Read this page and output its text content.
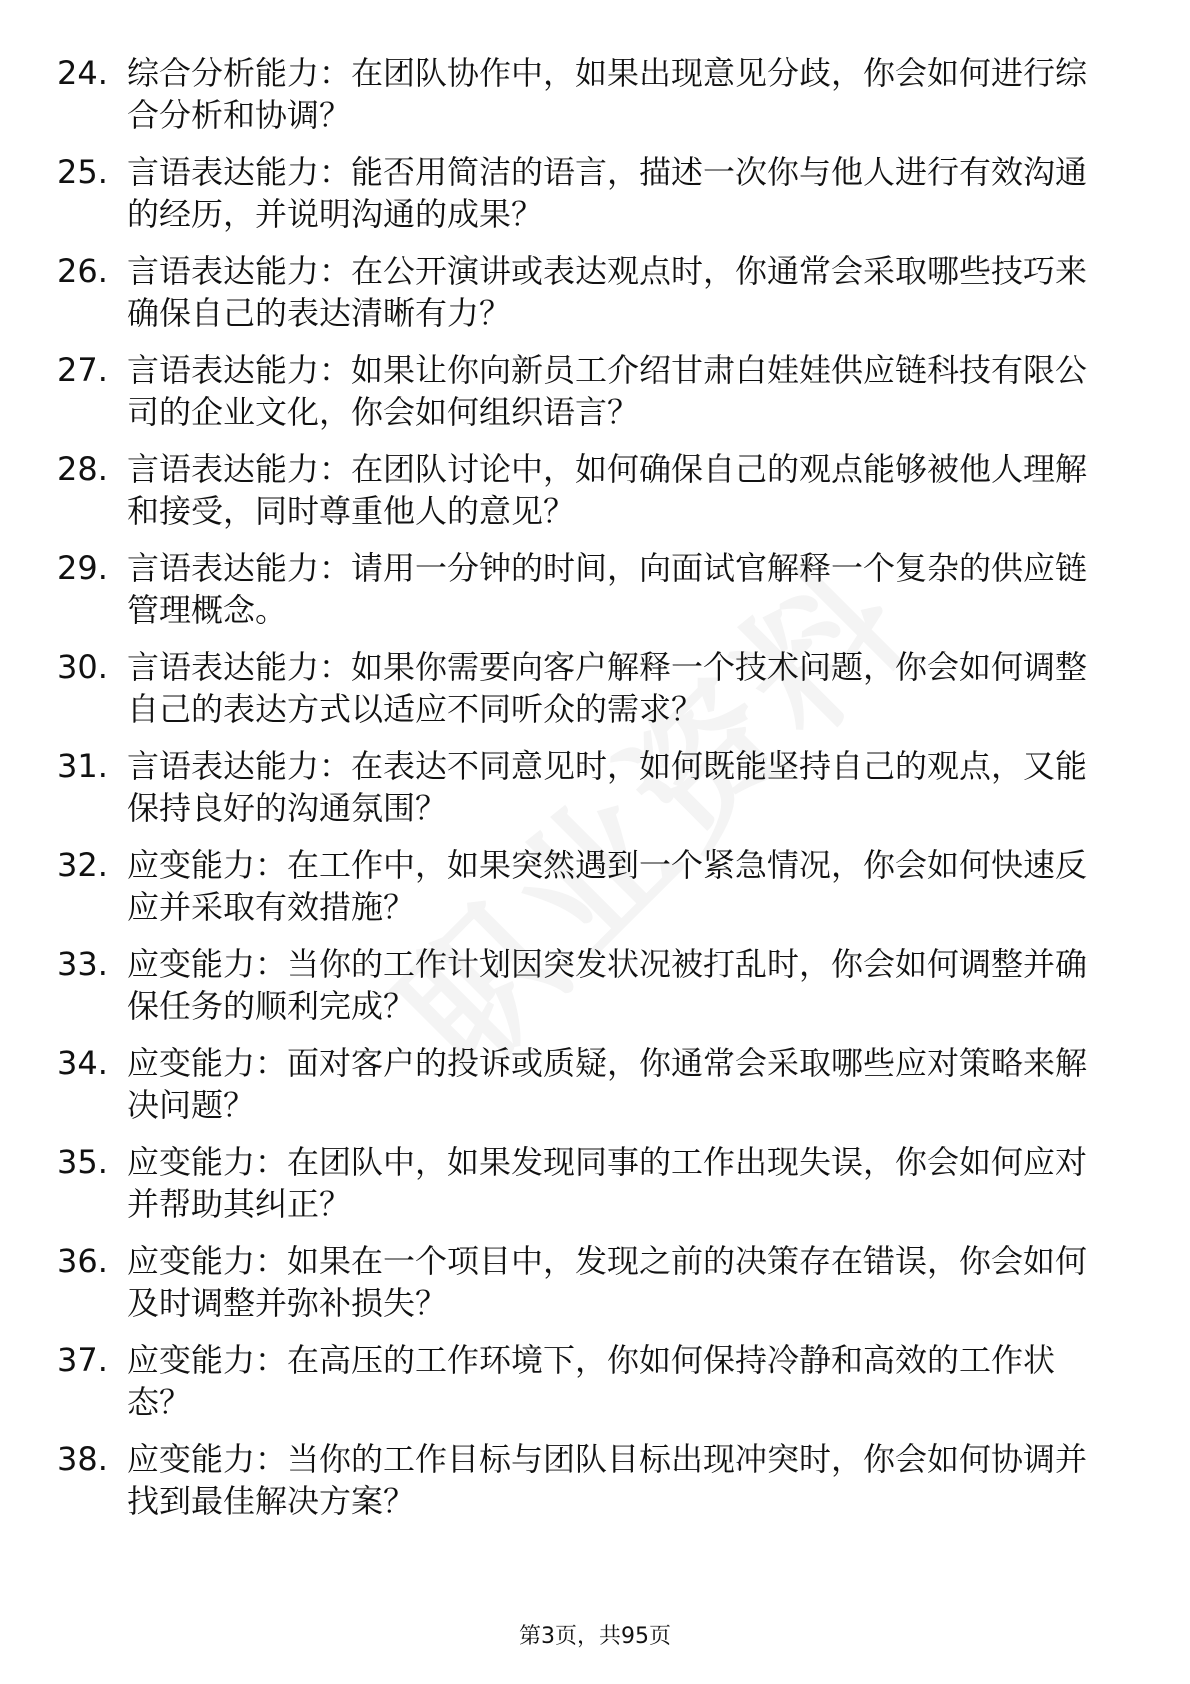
24. 综合分析能力：在团队协作中，如果出现意见分歧，你会如何进行综合分析和协调？

25. 言语表达能力：能否用简洁的语言，描述一次你与他人进行有效沟通的经历，并说明沟通的成果？

26. 言语表达能力：在公开演讲或表达观点时，你通常会采取哪些技巧来确保自己的表达清晰有力？

27. 言语表达能力：如果让你向新员工介绍甘肃白娃娃供应链科技有限公司的企业文化，你会如何组织语言？

28. 言语表达能力：在团队讨论中，如何确保自己的观点能够被他人理解和接受，同时尊重他人的意见？

29. 言语表达能力：请用一分钟的时间，向面试官解释一个复杂的供应链管理概念。

30. 言语表达能力：如果你需要向客户解释一个技术问题，你会如何调整自己的表达方式以适应不同听众的需求？

31. 言语表达能力：在表达不同意见时，如何既能坚持自己的观点，又能保持良好的沟通氛围？

32. 应变能力：在工作中，如果突然遇到一个紧急情况，你会如何快速反应并采取有效措施？

33. 应变能力：当你的工作计划因突发状况被打乱时，你会如何调整并确保任务的顺利完成？

34. 应变能力：面对客户的投诉或质疑，你通常会采取哪些应对策略来解决问题？

35. 应变能力：在团队中，如果发现同事的工作出现失误，你会如何应对并帮助其纠正？

36. 应变能力：如果在一个项目中，发现之前的决策存在错误，你会如何及时调整并弥补损失？

37. 应变能力：在高压的工作环境下，你如何保持冷静和高效的工作状态？

38. 应变能力：当你的工作目标与团队目标出现冲突时，你会如何协调并找到最佳解决方案？

第3页，共95页
